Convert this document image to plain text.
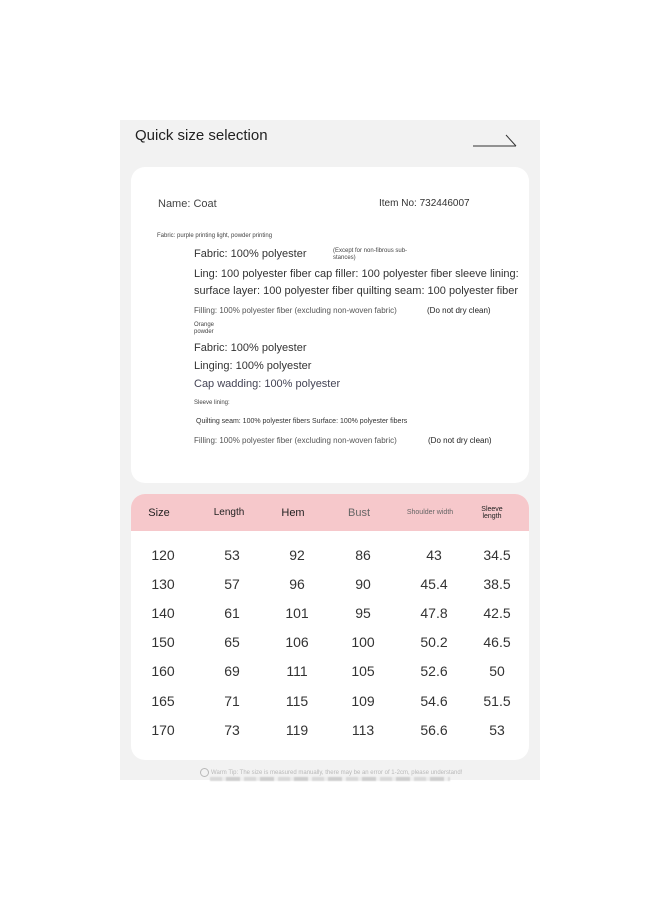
Quick size selection
Name: Coat	Item No: 732446007
Fabric: purple printing light, powder printing
Fabric: 100% polyester	(Except for non-fibrous sub-stances)
Ling: 100 polyester fiber cap filler: 100 polyester fiber sleeve lining:
surface layer: 100 polyester fiber quilting seam: 100 polyester fiber
Filling: 100% polyester fiber (excluding non-woven fabric)	(Do not dry clean)
Orange powder
Fabric: 100% polyester
Linging: 100% polyester
Cap wadding: 100% polyester
Sleeve lining:
Quilting seam: 100% polyester fibers Surface: 100% polyester fibers
Filling: 100% polyester fiber (excluding non-woven fabric)	(Do not dry clean)
Size	Length	Hem	Bust	Shoulder width	Sleeve length
120	53	92	86	43	34.5
130	57	96	90	45.4	38.5
140	61	101	95	47.8	42.5
150	65	106	100	50.2	46.5
160	69	111	105	52.6	50
165	71	115	109	54.6	51.5
170	73	119	113	56.6	53
Warm Tip: The size is measured manually, there may be an error of 1-2cm, please understand!
